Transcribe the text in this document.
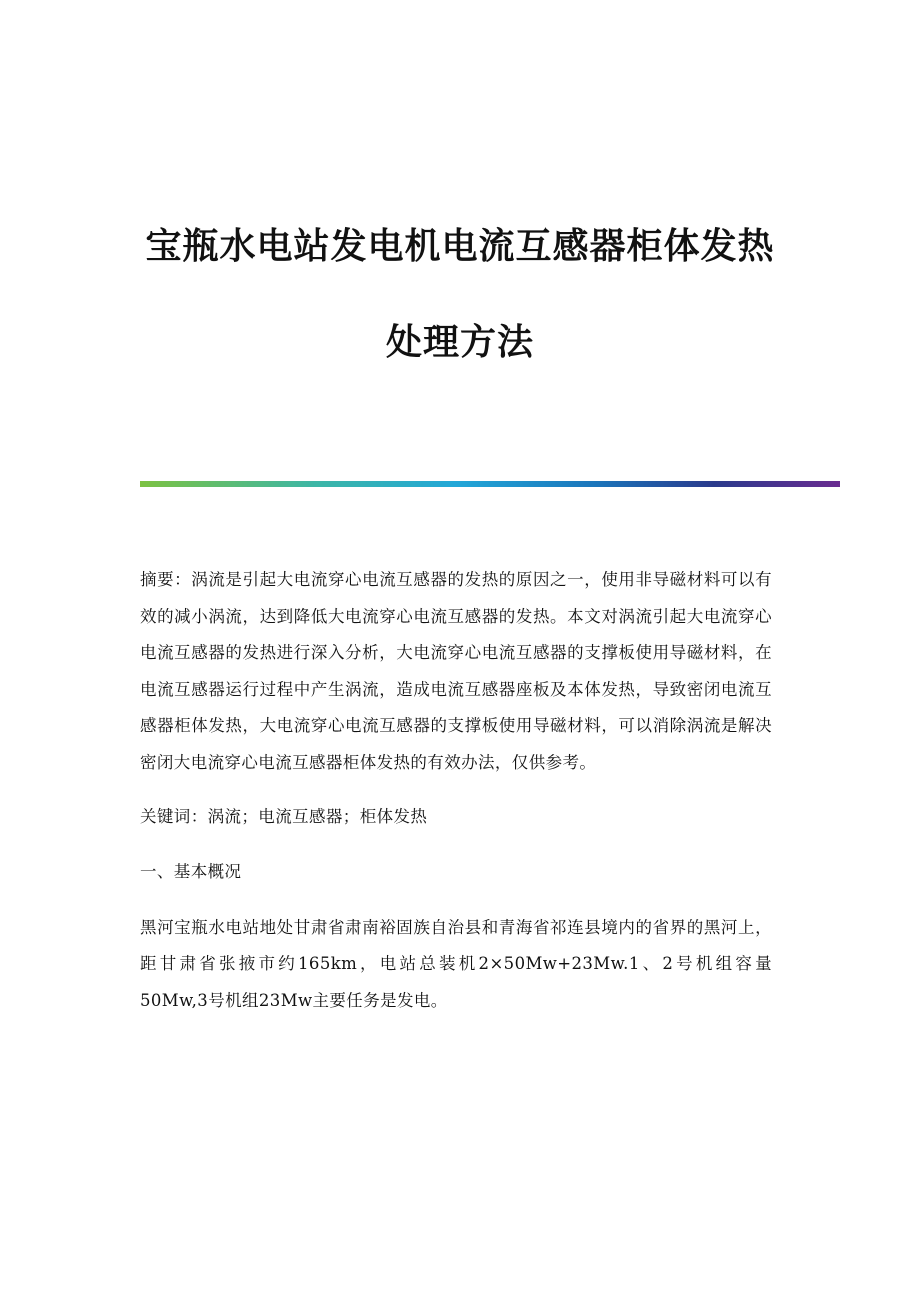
宝瓶水电站发电机电流互感器柜体发热
处理方法

摘要：涡流是引起大电流穿心电流互感器的发热的原因之一，使用非导磁材料可以有效的减小涡流，达到降低大电流穿心电流互感器的发热。本文对涡流引起大电流穿心电流互感器的发热进行深入分析，大电流穿心电流互感器的支撑板使用导磁材料，在电流互感器运行过程中产生涡流，造成电流互感器座板及本体发热，导致密闭电流互感器柜体发热，大电流穿心电流互感器的支撑板使用导磁材料，可以消除涡流是解决密闭大电流穿心电流互感器柜体发热的有效办法，仅供参考。

关键词：涡流；电流互感器；柜体发热

一、基本概况

黑河宝瓶水电站地处甘肃省肃南裕固族自治县和青海省祁连县境内的省界的黑河上，距甘肃省张掖市约165km，电站总装机2×50Mw+23Mw.1、2号机组容量50Mw,3号机组23Mw主要任务是发电。
